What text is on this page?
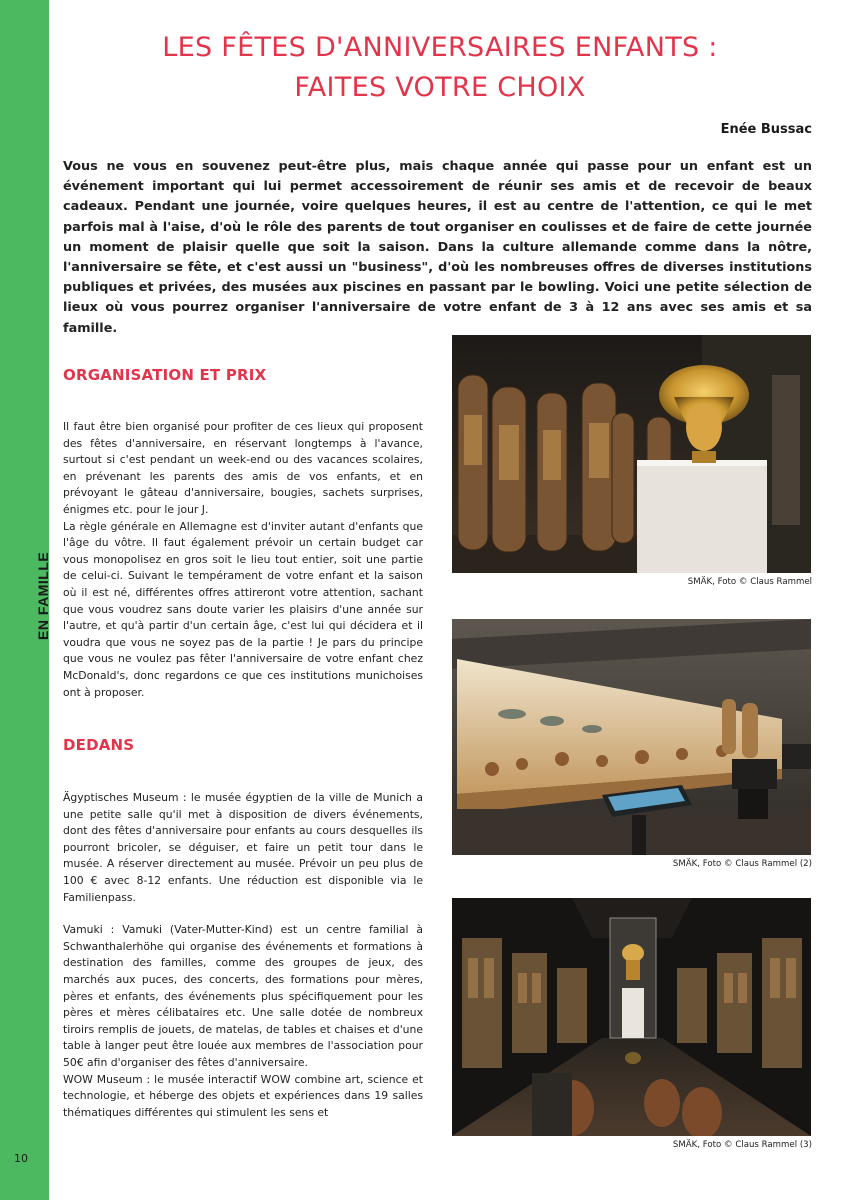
EN FAMILLE
10
LES FÊTES D'ANNIVERSAIRES ENFANTS :
FAITES VOTRE CHOIX
Enée Bussac

Vous ne vous en souvenez peut-être plus, mais chaque année qui passe pour un enfant est un événement important qui lui permet accessoirement de réunir ses amis et de recevoir de beaux cadeaux. Pendant une journée, voire quelques heures, il est au centre de l'attention, ce qui le met parfois mal à l'aise, d'où le rôle des parents de tout organiser en coulisses et de faire de cette journée un moment de plaisir quelle que soit la saison. Dans la culture allemande comme dans la nôtre, l'anniversaire se fête, et c'est aussi un "business", d'où les nombreuses offres de diverses institutions publiques et privées, des musées aux piscines en passant par le bowling. Voici une petite sélection de lieux où vous pourrez organiser l'anniversaire de votre enfant de 3 à 12 ans avec ses amis et sa famille.

ORGANISATION ET PRIX

Il faut être bien organisé pour profiter de ces lieux qui proposent des fêtes d'anniversaire, en réservant longtemps à l'avance, surtout si c'est pendant un week-end ou des vacances scolaires, en prévenant les parents des amis de vos enfants, et en prévoyant le gâteau d'anniversaire, bougies, sachets surprises, énigmes etc. pour le jour J.

La règle générale en Allemagne est d'inviter autant d'enfants que l'âge du vôtre. Il faut également prévoir un certain budget car vous monopolisez en gros soit le lieu tout entier, soit une partie de celui-ci. Suivant le tempérament de votre enfant et la saison où il est né, différentes offres attireront votre attention, sachant que vous voudrez sans doute varier les plaisirs d'une année sur l'autre, et qu'à partir d'un certain âge, c'est lui qui décidera et il voudra que vous ne soyez pas de la partie ! Je pars du principe que vous ne voulez pas fêter l'anniversaire de votre enfant chez McDonald's, donc regardons ce que ces institutions munichoises ont à proposer.

DEDANS

Ägyptisches Museum : le musée égyptien de la ville de Munich a une petite salle qu'il met à disposition de divers événements, dont des fêtes d'anniversaire pour enfants au cours desquelles ils pourront bricoler, se déguiser, et faire un petit tour dans le musée. A réserver directement au musée. Prévoir un peu plus de 100 € avec 8-12 enfants. Une réduction est disponible via le Familienpass.

Vamuki : Vamuki (Vater-Mutter-Kind) est un centre familial à Schwanthalerhöhe qui organise des événements et formations à destination des familles, comme des groupes de jeux, des marchés aux puces, des concerts, des formations pour mères, pères et enfants, des événements plus spécifiquement pour les pères et mères célibataires etc. Une salle dotée de nombreux tiroirs remplis de jouets, de matelas, de tables et chaises et d'une table à langer peut être louée aux membres de l'association pour 50€ afin d'organiser des fêtes d'anniversaire.

WOW Museum : le musée interactif WOW combine art, science et technologie, et héberge des objets et expériences dans 19 salles thématiques différentes qui stimulent les sens et

SMÄK, Foto © Claus Rammel
SMÄK, Foto © Claus Rammel (2)
SMÄK, Foto © Claus Rammel (3)
